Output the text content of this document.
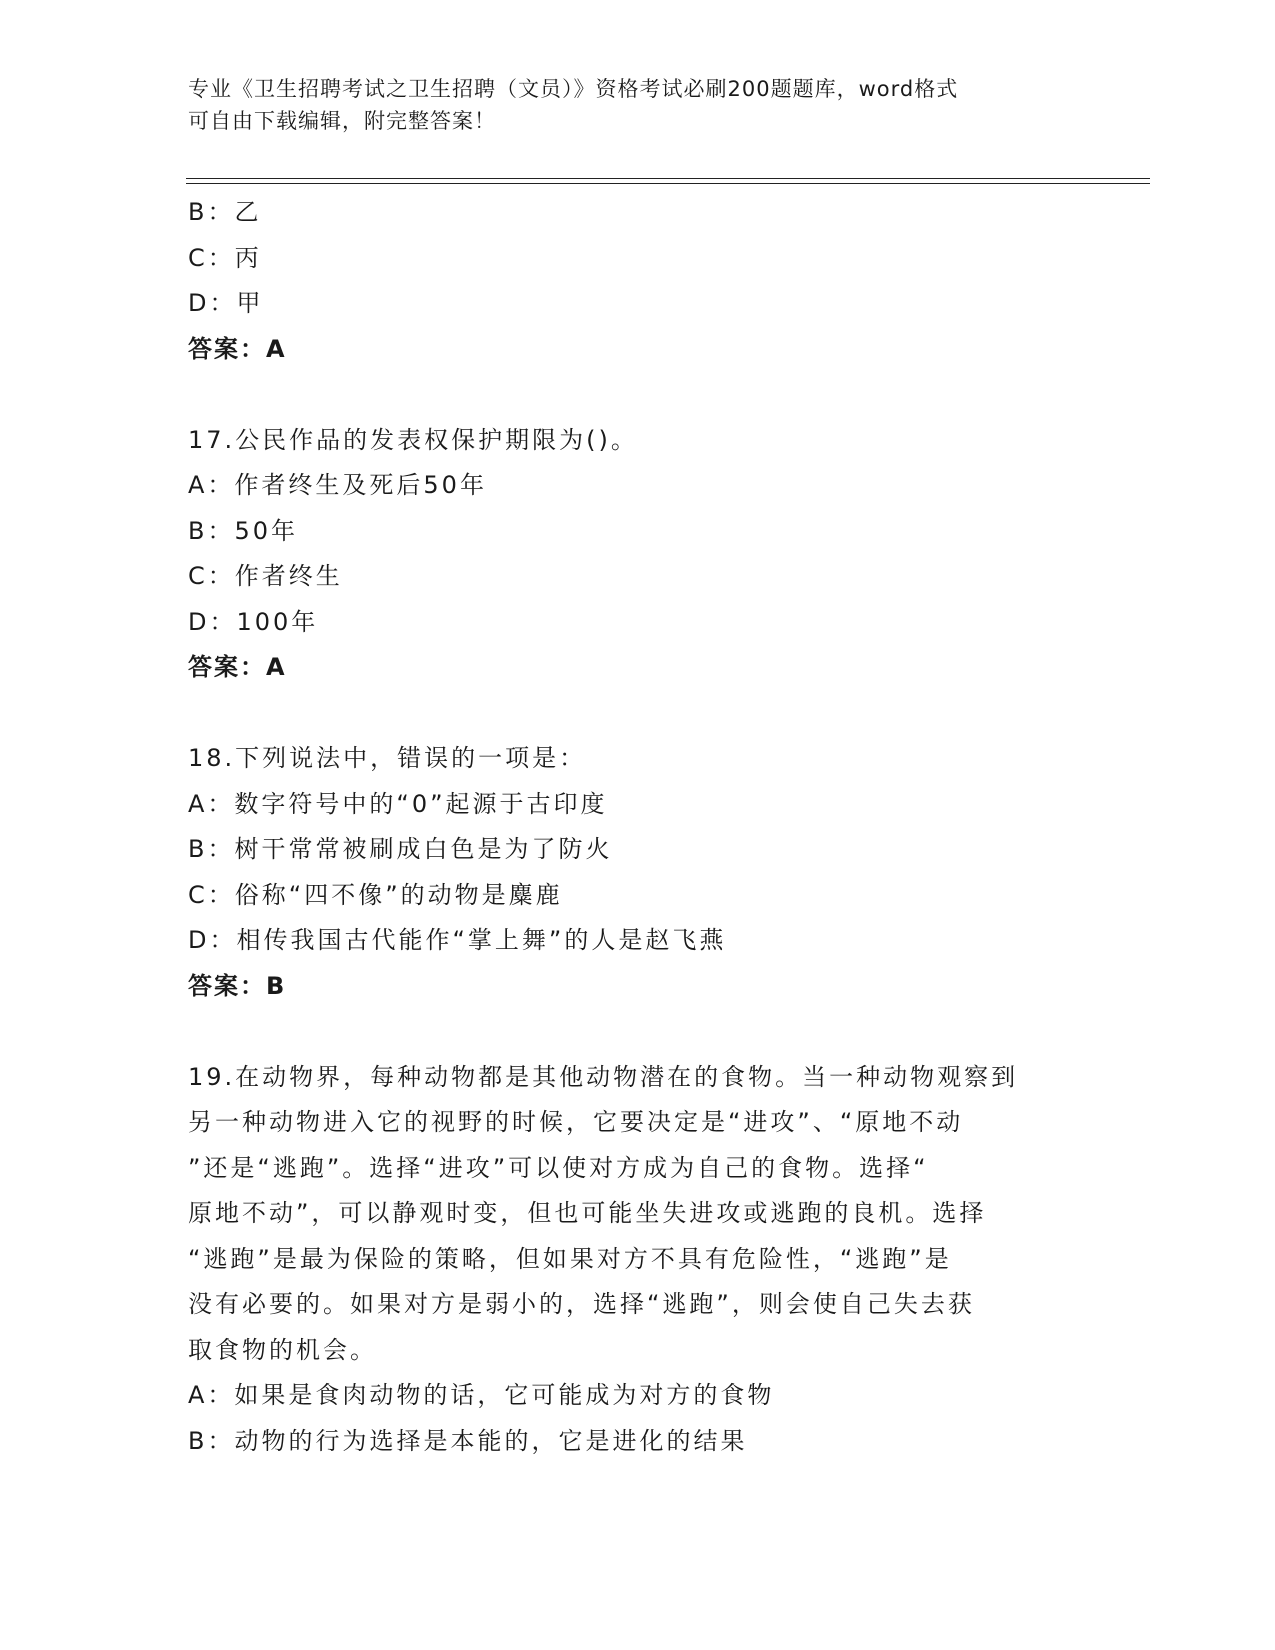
专业《卫生招聘考试之卫生招聘（文员）》资格考试必刷200题题库，word格式
可自由下载编辑，附完整答案！
B：乙
C：丙
D：甲
答案：A
17.公民作品的发表权保护期限为()。
A：作者终生及死后50年
B：50年
C：作者终生
D：100年
答案：A
18.下列说法中，错误的一项是：
A：数字符号中的“0”起源于古印度
B：树干常常被刷成白色是为了防火
C：俗称“四不像”的动物是麋鹿
D：相传我国古代能作“掌上舞”的人是赵飞燕
答案：B
19.在动物界，每种动物都是其他动物潜在的食物。当一种动物观察到
另一种动物进入它的视野的时候，它要决定是“进攻”、“原地不动
”还是“逃跑”。选择“进攻”可以使对方成为自己的食物。选择“
原地不动”，可以静观时变，但也可能坐失进攻或逃跑的良机。选择
“逃跑”是最为保险的策略，但如果对方不具有危险性，“逃跑”是
没有必要的。如果对方是弱小的，选择“逃跑”，则会使自己失去获
取食物的机会。
A：如果是食肉动物的话，它可能成为对方的食物
B：动物的行为选择是本能的，它是进化的结果
